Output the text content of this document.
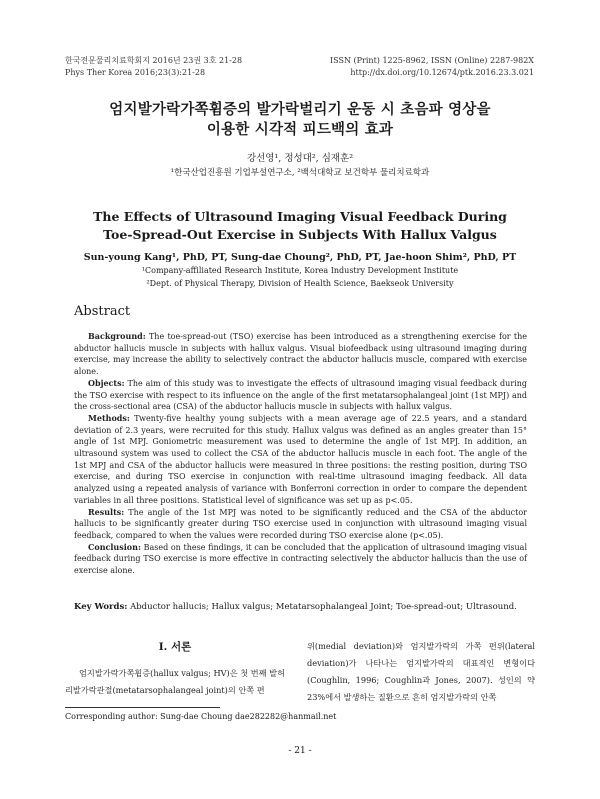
한국전문물리치료학회지 2016년 23권 3호 21-28
Phys Ther Korea 2016;23(3):21-28
ISSN (Print) 1225-8962, ISSN (Online) 2287-982X
http://dx.doi.org/10.12674/ptk.2016.23.3.021
엄지발가락가쪽휨증의 발가락벌리기 운동 시 초음파 영상을
이용한 시각적 피드백의 효과
강선영¹, 정성대², 심재훈²
¹한국산업진흥원 기업부설연구소, ²백석대학교 보건학부 물리치료학과
The Effects of Ultrasound Imaging Visual Feedback During
Toe-Spread-Out Exercise in Subjects With Hallux Valgus
Sun-young Kang¹, PhD, PT, Sung-dae Choung², PhD, PT, Jae-hoon Shim², PhD, PT
¹Company-affiliated Research Institute, Korea Industry Development Institute
²Dept. of Physical Therapy, Division of Health Science, Baekseok University
Abstract

Background: The toe-spread-out (TSO) exercise has been introduced as a strengthening exercise for the abductor hallucis muscle in subjects with hallux valgus. Visual biofeedback using ultrasound imaging during exercise, may increase the ability to selectively contract the abductor hallucis muscle, compared with exercise alone.

Objects: The aim of this study was to investigate the effects of ultrasound imaging visual feedback during the TSO exercise with respect to its influence on the angle of the first metatarsophalangeal joint (1st MPJ) and the cross-sectional area (CSA) of the abductor hallucis muscle in subjects with hallux valgus.

Methods: Twenty-five healthy young subjects with a mean average age of 22.5 years, and a standard deviation of 2.3 years, were recruited for this study. Hallux valgus was defined as an angles greater than 15° angle of 1st MPJ. Goniometric measurement was used to determine the angle of 1st MPJ. In addition, an ultrasound system was used to collect the CSA of the abductor hallucis muscle in each foot. The angle of the 1st MPJ and CSA of the abductor hallucis were measured in three positions: the resting position, during TSO exercise, and during TSO exercise in conjunction with real-time ultrasound imaging feedback. All data analyzed using a repeated analysis of variance with Bonferroni correction in order to compare the dependent variables in all three positions. Statistical level of significance was set up as p<.05.

Results: The angle of the 1st MPJ was noted to be significantly reduced and the CSA of the abductor hallucis to be significantly greater during TSO exercise used in conjunction with ultrasound imaging visual feedback, compared to when the values were recorded during TSO exercise alone (p<.05).

Conclusion: Based on these findings, it can be concluded that the application of ultrasound imaging visual feedback during TSO exercise is more effective in contracting selectively the abductor hallucis than the use of exercise alone.

Key Words: Abductor hallucis; Hallux valgus; Metatarsophalangeal Joint; Toe-spread-out; Ultrasound.
Ⅰ. 서론

엄지발가락가쪽휨증(hallux valgus; HV)은 첫 번째 발허리발가락관절(metatarsophalangeal joint)의 안쪽 편

위(medial deviation)와 엄지발가락의 가쪽 편위(lateral deviation)가 나타나는 엄지발가락의 대표적인 변형이다 (Coughlin, 1996; Coughlin과 Jones, 2007). 성인의 약 23%에서 발생하는 질환으로 흔히 엄지발가락의 안쪽

Corresponding author: Sung-dae Choung dae282282@hanmail.net
- 21 -
